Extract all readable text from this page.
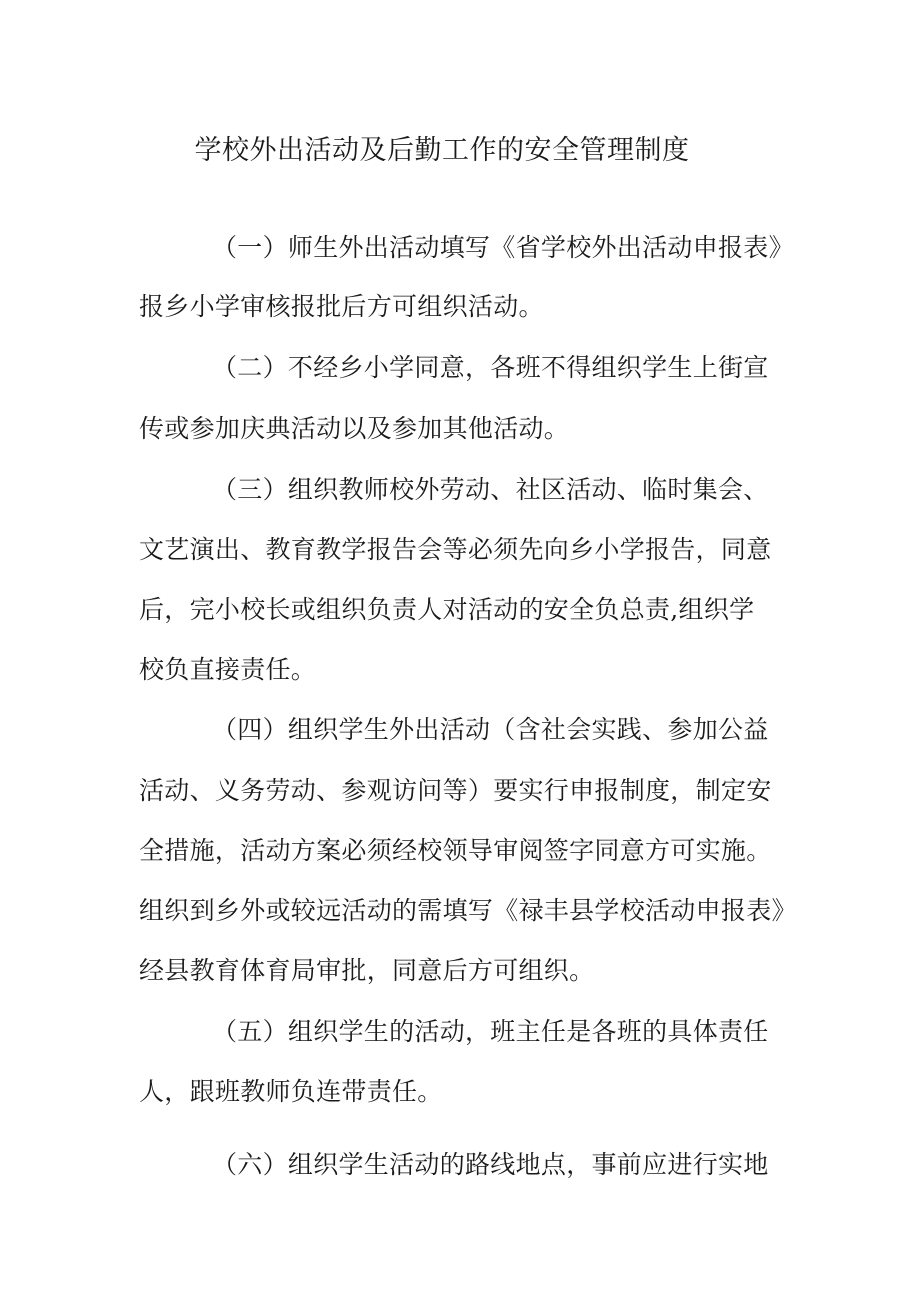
学校外出活动及后勤工作的安全管理制度
（一）师生外出活动填写《省学校外出活动申报表》
报乡小学审核报批后方可组织活动。
（二）不经乡小学同意，各班不得组织学生上街宣
传或参加庆典活动以及参加其他活动。
（三）组织教师校外劳动、社区活动、临时集会、
文艺演出、教育教学报告会等必须先向乡小学报告，同意
后，完小校长或组织负责人对活动的安全负总责,组织学
校负直接责任。
（四）组织学生外出活动（含社会实践、参加公益
活动、义务劳动、参观访问等）要实行申报制度，制定安
全措施，活动方案必须经校领导审阅签字同意方可实施。
组织到乡外或较远活动的需填写《禄丰县学校活动申报表》
经县教育体育局审批，同意后方可组织。
（五）组织学生的活动，班主任是各班的具体责任
人，跟班教师负连带责任。
（六）组织学生活动的路线地点，事前应进行实地
